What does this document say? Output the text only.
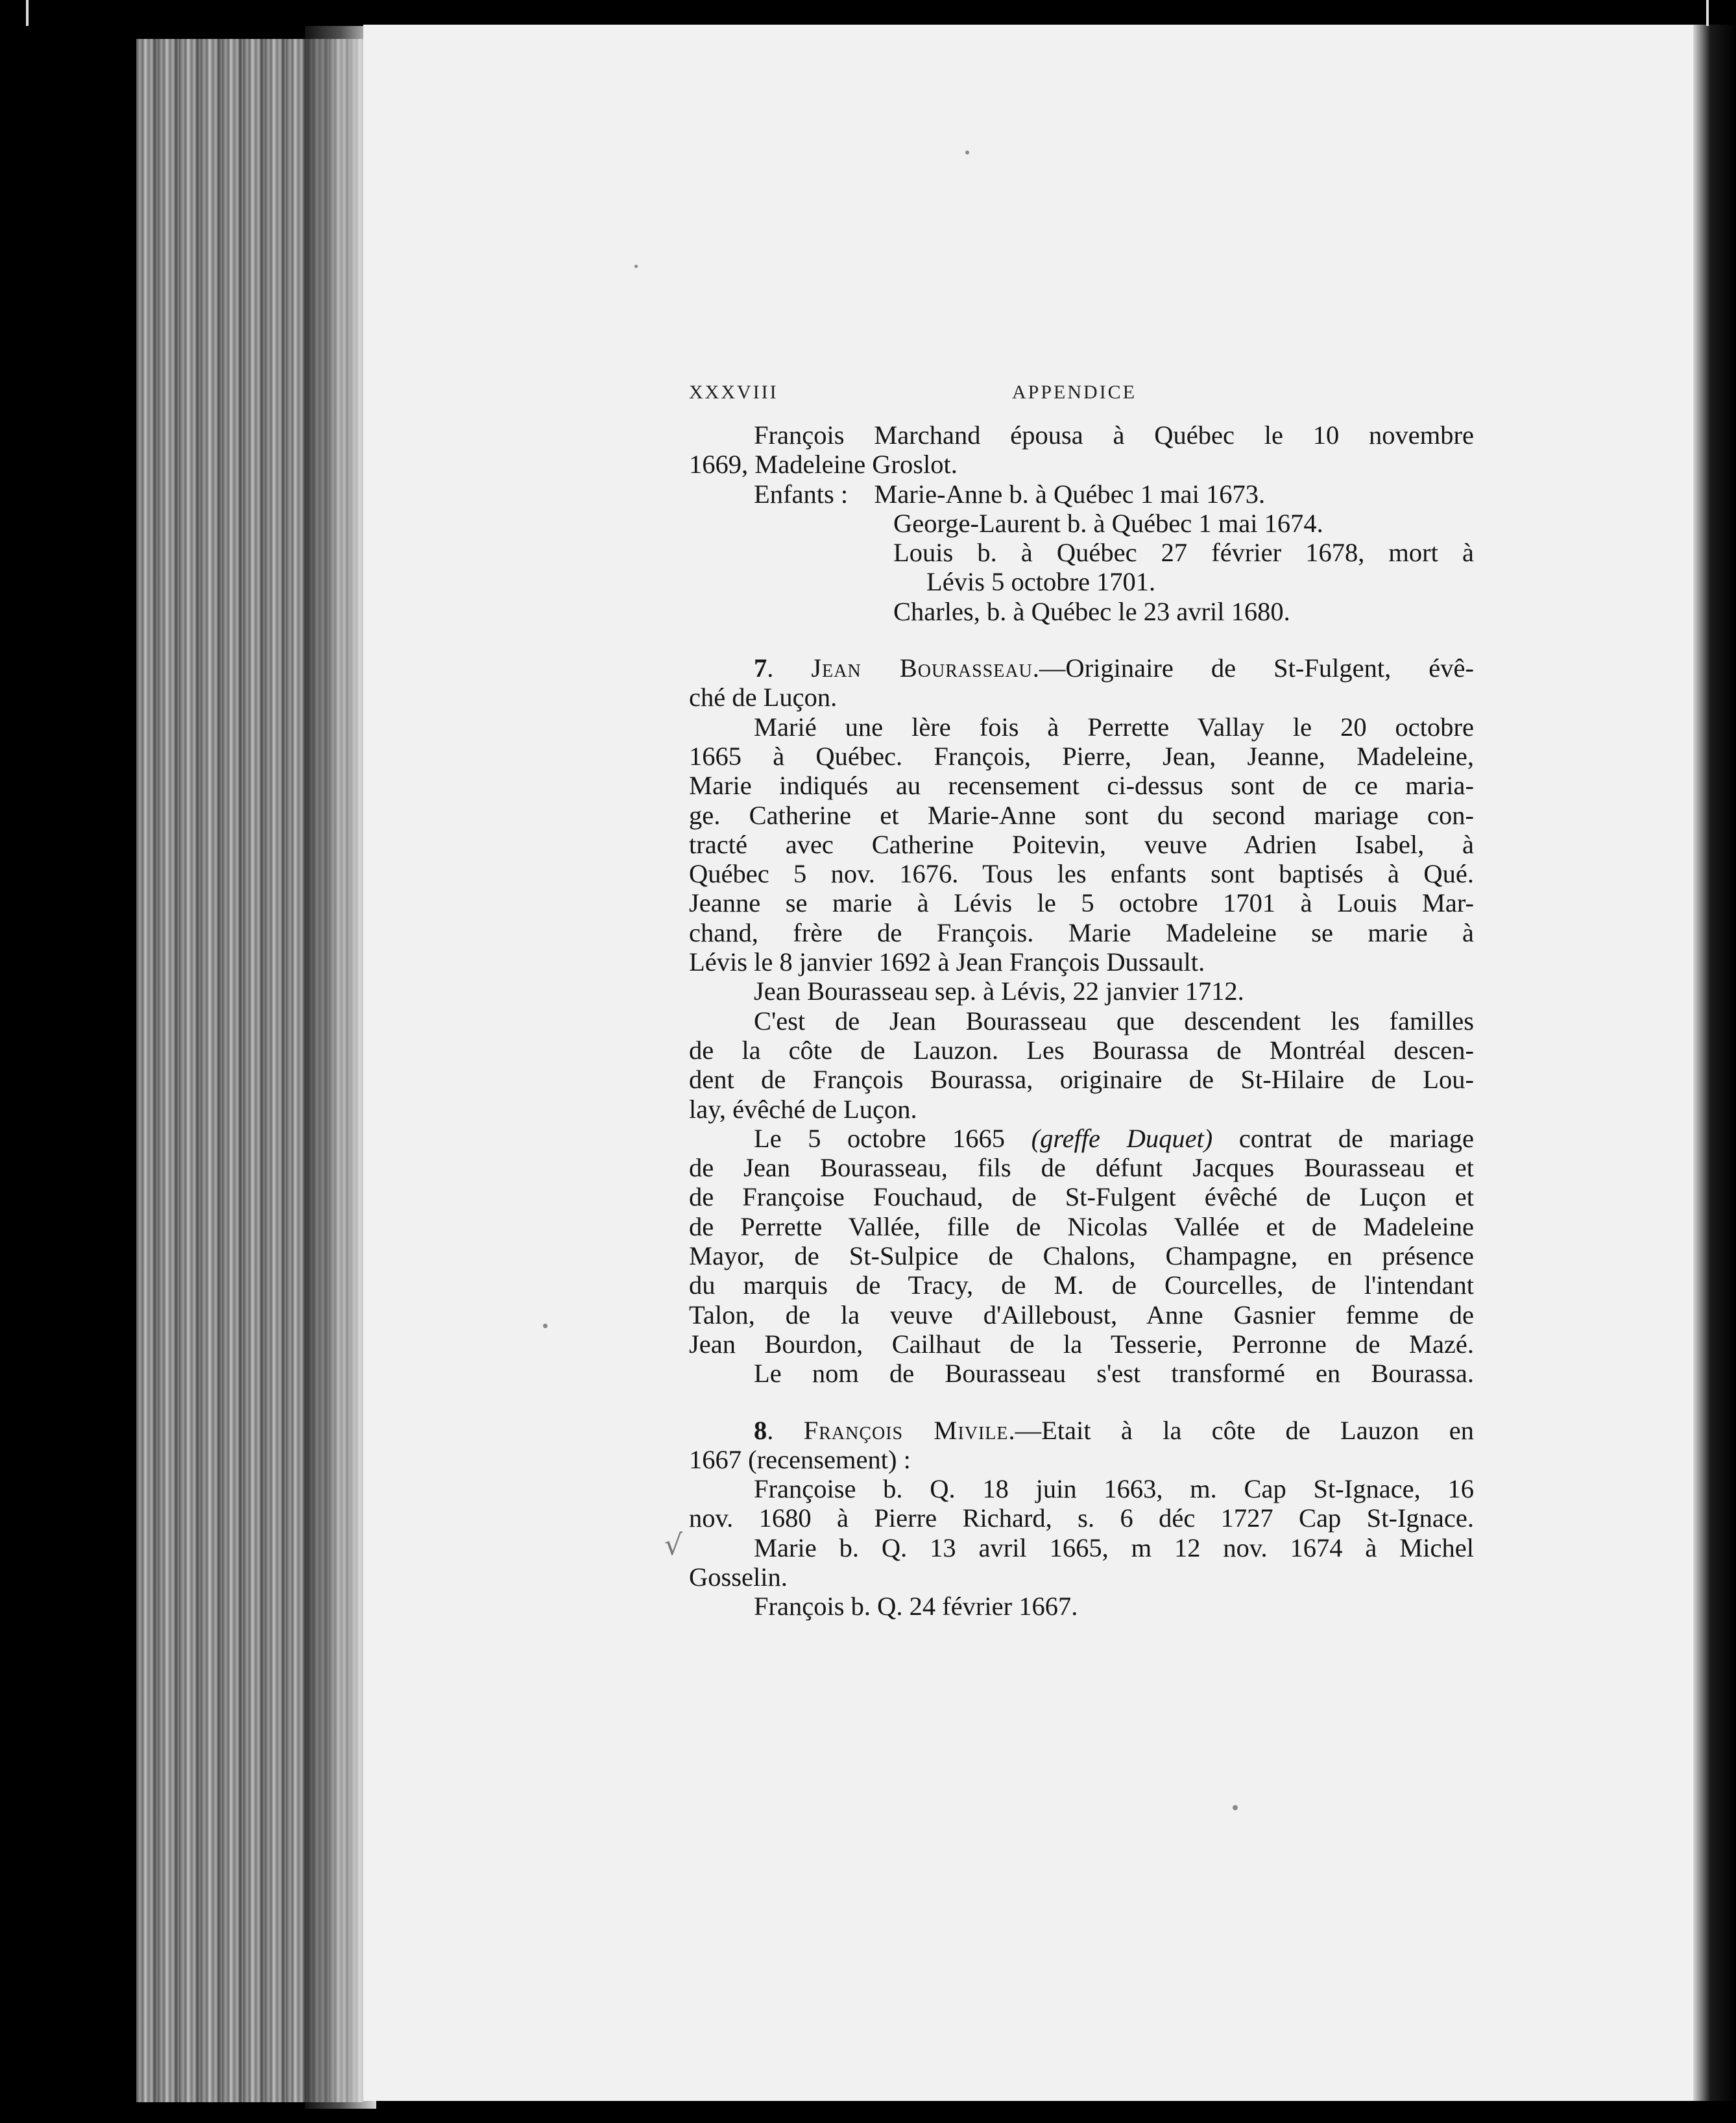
√
XXXVIII	APPENDICE
François Marchand épousa à Québec le 10 novembre
1669, Madeleine Groslot.
Enfants : Marie-Anne b. à Québec 1 mai 1673.
George-Laurent b. à Québec 1 mai 1674.
Louis b. à Québec 27 février 1678, mort à
Lévis 5 octobre 1701.
Charles, b. à Québec le 23 avril 1680.
7. Jean Bourasseau.—Originaire de St-Fulgent, évê-
ché de Luçon.
Marié une lère fois à Perrette Vallay le 20 octobre
1665 à Québec. François, Pierre, Jean, Jeanne, Madeleine,
Marie indiqués au recensement ci-dessus sont de ce maria-
ge. Catherine et Marie-Anne sont du second mariage con-
tracté avec Catherine Poitevin, veuve Adrien Isabel, à
Québec 5 nov. 1676. Tous les enfants sont baptisés à Qué.
Jeanne se marie à Lévis le 5 octobre 1701 à Louis Mar-
chand, frère de François. Marie Madeleine se marie à
Lévis le 8 janvier 1692 à Jean François Dussault.
Jean Bourasseau sep. à Lévis, 22 janvier 1712.
C'est de Jean Bourasseau que descendent les familles
de la côte de Lauzon. Les Bourassa de Montréal descen-
dent de François Bourassa, originaire de St-Hilaire de Lou-
lay, évêché de Luçon.
Le 5 octobre 1665 (greffe Duquet) contrat de mariage
de Jean Bourasseau, fils de défunt Jacques Bourasseau et
de Françoise Fouchaud, de St-Fulgent évêché de Luçon et
de Perrette Vallée, fille de Nicolas Vallée et de Madeleine
Mayor, de St-Sulpice de Chalons, Champagne, en présence
du marquis de Tracy, de M. de Courcelles, de l'intendant
Talon, de la veuve d'Ailleboust, Anne Gasnier femme de
Jean Bourdon, Cailhaut de la Tesserie, Perronne de Mazé.
Le nom de Bourasseau s'est transformé en Bourassa.
8. François Mivile.—Etait à la côte de Lauzon en
1667 (recensement) :
Françoise b. Q. 18 juin 1663, m. Cap St-Ignace, 16
nov. 1680 à Pierre Richard, s. 6 déc 1727 Cap St-Ignace.
Marie b. Q. 13 avril 1665, m 12 nov. 1674 à Michel
Gosselin.
François b. Q. 24 février 1667.
